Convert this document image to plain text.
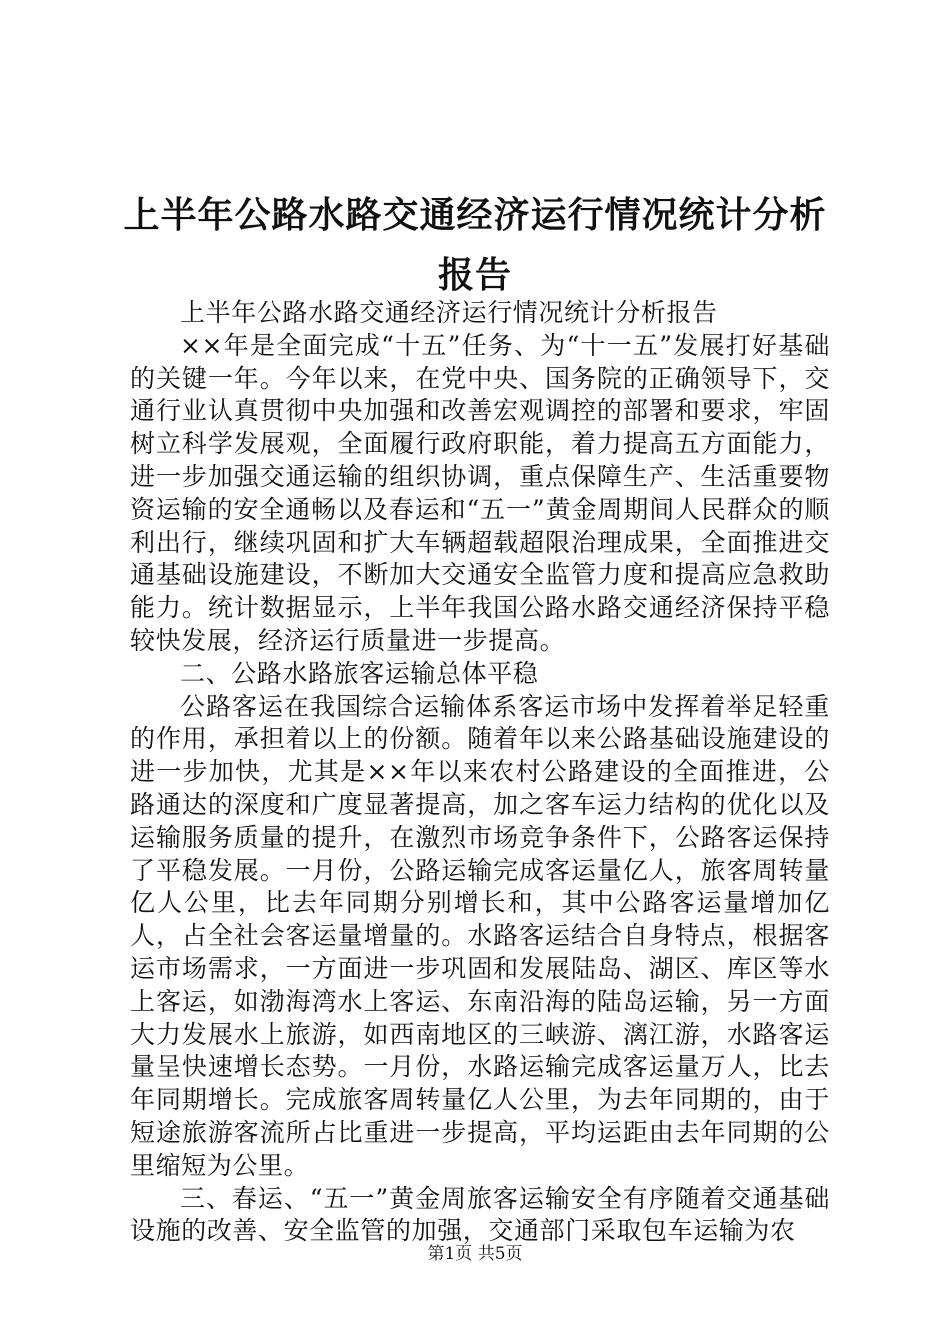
上半年公路水路交通经济运行情况统计分析报告

上半年公路水路交通经济运行情况统计分析报告

××年是全面完成“十五”任务、为“十一五”发展打好基础的关键一年。今年以来，在党中央、国务院的正确领导下，交通行业认真贯彻中央加强和改善宏观调控的部署和要求，牢固树立科学发展观，全面履行政府职能，着力提高五方面能力，进一步加强交通运输的组织协调，重点保障生产、生活重要物资运输的安全通畅以及春运和“五一”黄金周期间人民群众的顺利出行，继续巩固和扩大车辆超载超限治理成果，全面推进交通基础设施建设，不断加大交通安全监管力度和提高应急救助能力。统计数据显示，上半年我国公路水路交通经济保持平稳较快发展，经济运行质量进一步提高。

二、公路水路旅客运输总体平稳

公路客运在我国综合运输体系客运市场中发挥着举足轻重的作用，承担着以上的份额。随着年以来公路基础设施建设的进一步加快，尤其是××年以来农村公路建设的全面推进，公路通达的深度和广度显著提高，加之客车运力结构的优化以及运输服务质量的提升，在激烈市场竞争条件下，公路客运保持了平稳发展。一月份，公路运输完成客运量亿人，旅客周转量亿人公里，比去年同期分别增长和，其中公路客运量增加亿人，占全社会客运量增量的。水路客运结合自身特点，根据客运市场需求，一方面进一步巩固和发展陆岛、湖区、库区等水上客运，如渤海湾水上客运、东南沿海的陆岛运输，另一方面大力发展水上旅游，如西南地区的三峡游、漓江游，水路客运量呈快速增长态势。一月份，水路运输完成客运量万人，比去年同期增长。完成旅客周转量亿人公里，为去年同期的，由于短途旅游客流所占比重进一步提高，平均运距由去年同期的公里缩短为公里。

三、春运、“五一”黄金周旅客运输安全有序随着交通基础设施的改善、安全监管的加强，交通部门采取包车运输为农

第1页 共5页
